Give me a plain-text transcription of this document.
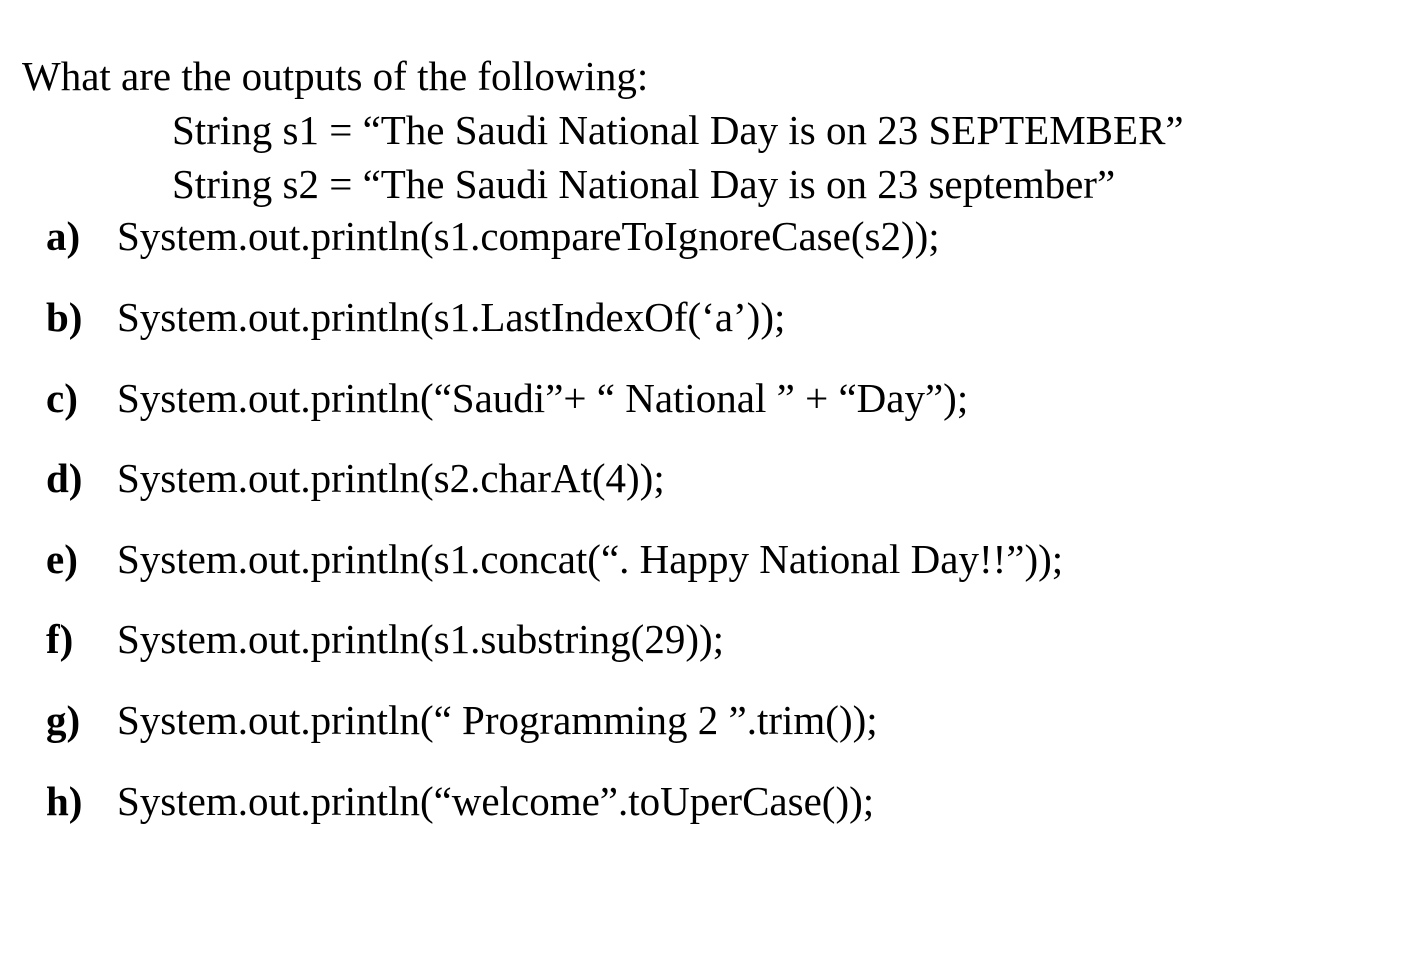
What are the outputs of the following:
String s1 = “The Saudi National Day is on 23 SEPTEMBER”
String s2 = “The Saudi National Day is on 23 september”

a)

System.out.println(s1.compareToIgnoreCase(s2));

b)

System.out.println(s1.LastIndexOf(‘a’));

c)

System.out.println(“Saudi”+ “ National ” + “Day”);

d)

System.out.println(s2.charAt(4));

e)

System.out.println(s1.concat(“. Happy National Day!!”));

f)

System.out.println(s1.substring(29));

g)

System.out.println(“ Programming 2 ”.trim());

h)

System.out.println(“welcome”.toUperCase());
